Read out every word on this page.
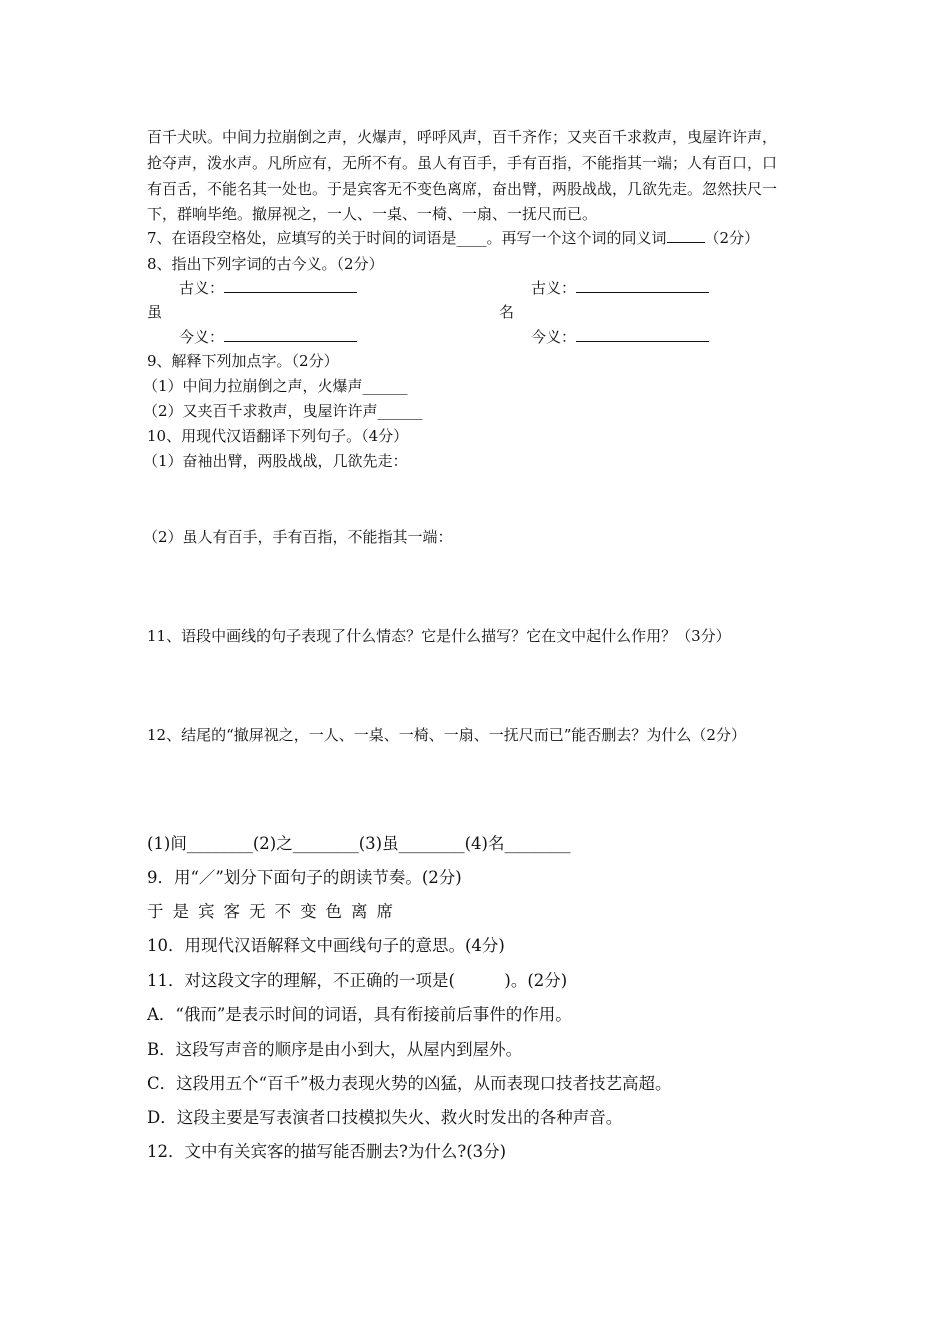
百千犬吠。中间力拉崩倒之声，火爆声，呼呼风声，百千齐作；又夹百千求救声，曳屋许许声，
抢夺声，泼水声。凡所应有，无所不有。虽人有百手，手有百指，不能指其一端；人有百口，口
有百舌，不能名其一处也。于是宾客无不变色离席，奋出臂，两股战战，几欲先走。忽然扶尺一
下，群响毕绝。撤屏视之，一人、一桌、一椅、一扇、一抚尺而已。
7、在语段空格处，应填写的关于时间的词语是____。再写一个这个词的同义词	（2分）
8、指出下列字词的古今义。（2分）
古义：	古义：
虽	名
今义：	今义：
9、解释下列加点字。（2分）
（1）中间力拉崩倒之声，火爆声______
（2）又夹百千求救声，曳屋许许声______
10、用现代汉语翻译下列句子。（4分）
（1）奋袖出臂，两股战战，几欲先走：
（2）虽人有百手，手有百指，不能指其一端：
11、语段中画线的句子表现了什么情态？它是什么描写？它在文中起什么作用？（3分）
12、结尾的“撤屏视之，一人、一桌、一椅、一扇、一抚尺而已”能否删去？为什么（2分）
(1)间________(2)之________(3)虽________(4)名________
9．用“／”划分下面句子的朗读节奏。(2分)
于是宾客无不变色离席
10．用现代汉语解释文中画线句子的意思。(4分)
11．对这段文字的理解，不正确的一项是(　　　)。(2分)
A．“俄而”是表示时间的词语，具有衔接前后事件的作用。
B．这段写声音的顺序是由小到大，从屋内到屋外。
C．这段用五个“百千”极力表现火势的凶猛，从而表现口技者技艺高超。
D．这段主要是写表演者口技模拟失火、救火时发出的各种声音。
12．文中有关宾客的描写能否删去?为什么?(3分)
